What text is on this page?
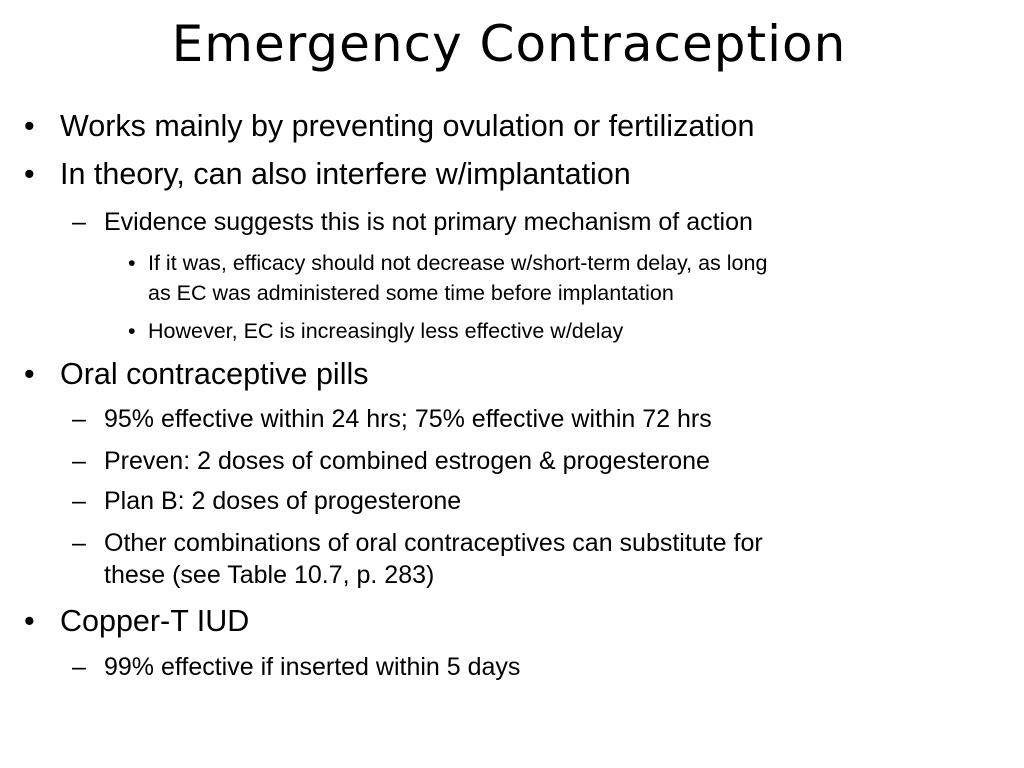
Emergency Contraception
• Works mainly by preventing ovulation or fertilization
• In theory, can also interfere w/implantation
– Evidence suggests this is not primary mechanism of action
• If it was, efficacy should not decrease w/short-term delay, as long
as EC was administered some time before implantation
• However, EC is increasingly less effective w/delay
• Oral contraceptive pills
– 95% effective within 24 hrs; 75% effective within 72 hrs
– Preven: 2 doses of combined estrogen & progesterone
– Plan B: 2 doses of progesterone
– Other combinations of oral contraceptives can substitute for
these (see Table 10.7, p. 283)
• Copper-T IUD
– 99% effective if inserted within 5 days
